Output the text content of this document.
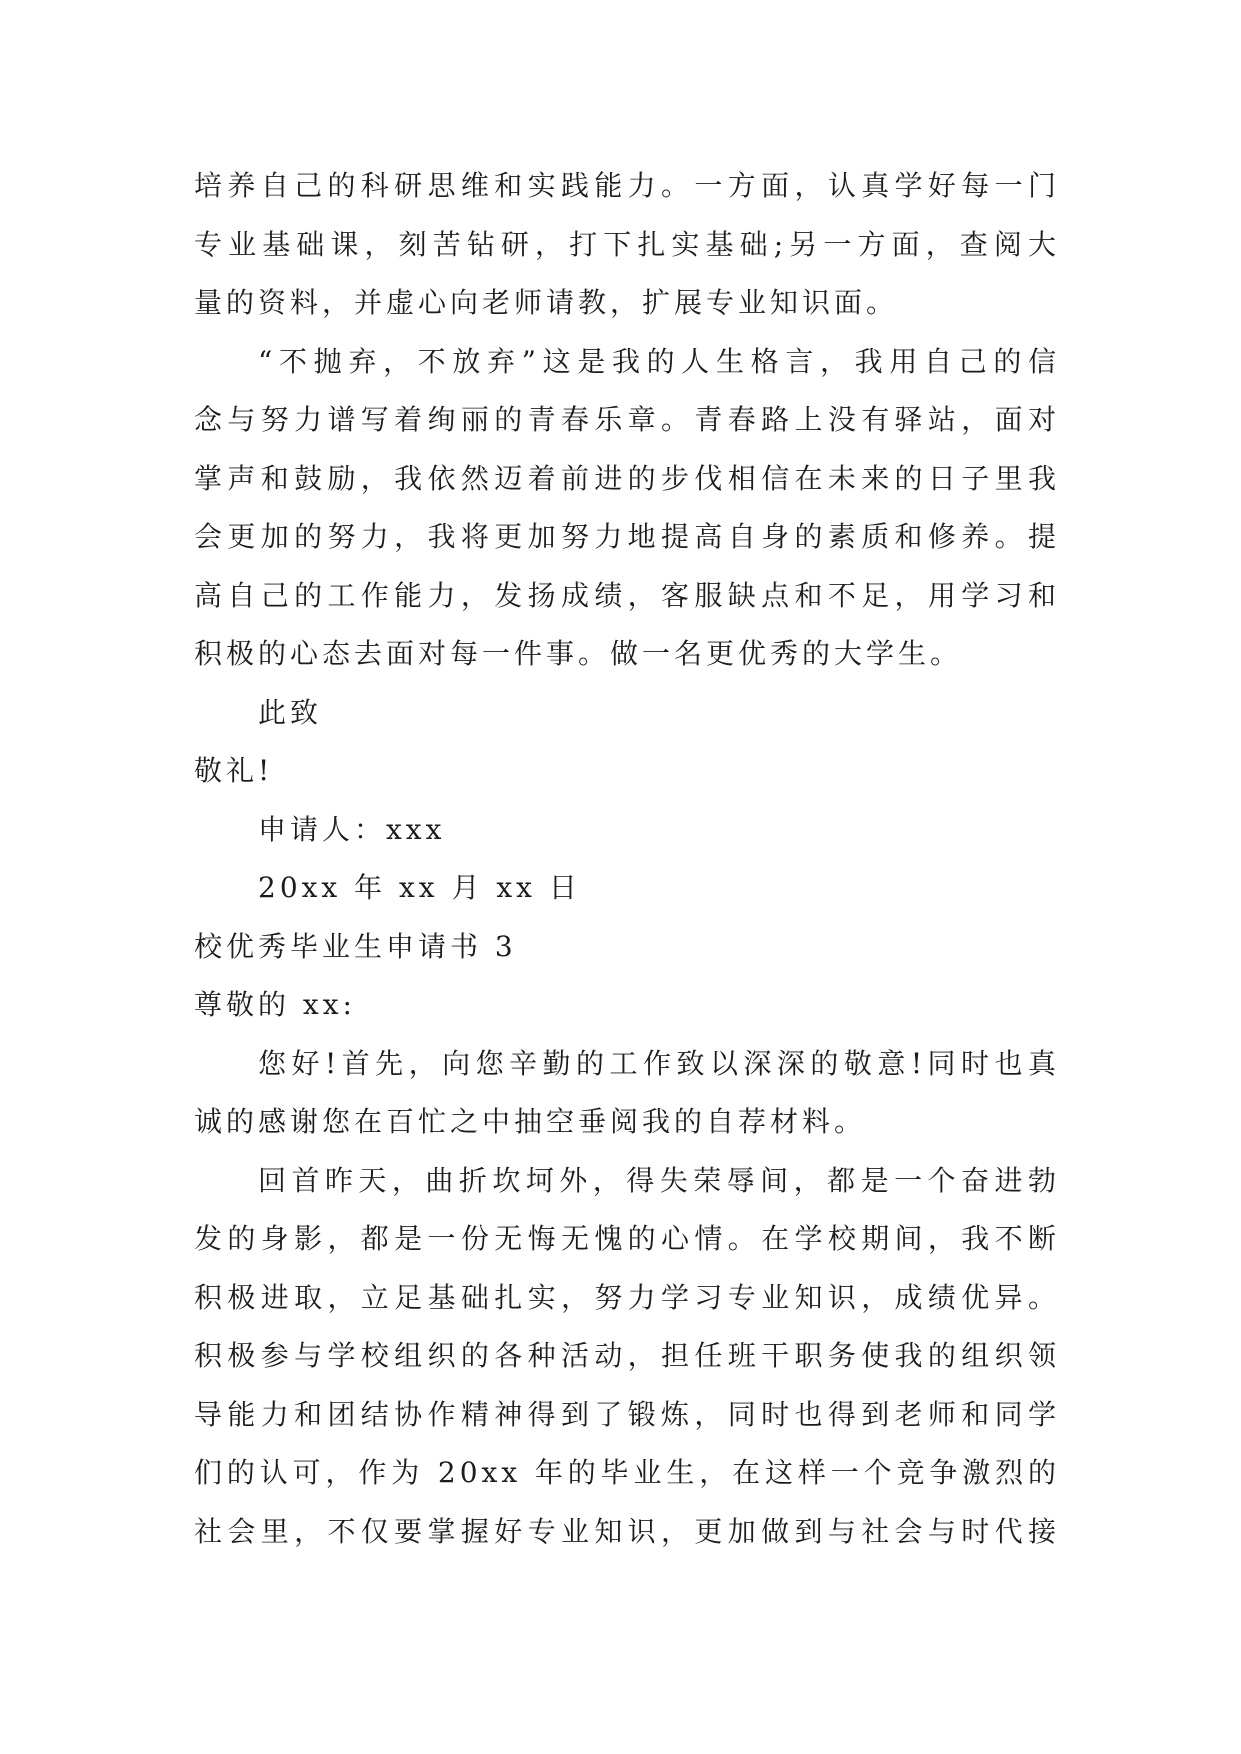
培养自己的科研思维和实践能力。一方面，认真学好每一门
专业基础课，刻苦钻研，打下扎实基础;另一方面，查阅大
量的资料，并虚心向老师请教，扩展专业知识面。
“不抛弃，不放弃”这是我的人生格言，我用自己的信
念与努力谱写着绚丽的青春乐章。青春路上没有驿站，面对
掌声和鼓励，我依然迈着前进的步伐相信在未来的日子里我
会更加的努力，我将更加努力地提高自身的素质和修养。提
高自己的工作能力，发扬成绩，客服缺点和不足，用学习和
积极的心态去面对每一件事。做一名更优秀的大学生。
此致
敬礼!
申请人：xxx
20xx 年 xx 月 xx 日
校优秀毕业生申请书 3
尊敬的 xx:
您好!首先，向您辛勤的工作致以深深的敬意!同时也真
诚的感谢您在百忙之中抽空垂阅我的自荐材料。
回首昨天，曲折坎坷外，得失荣辱间，都是一个奋进勃
发的身影，都是一份无悔无愧的心情。在学校期间，我不断
积极进取，立足基础扎实，努力学习专业知识，成绩优异。
积极参与学校组织的各种活动，担任班干职务使我的组织领
导能力和团结协作精神得到了锻炼，同时也得到老师和同学
们的认可，作为 20xx 年的毕业生，在这样一个竞争激烈的
社会里，不仅要掌握好专业知识，更加做到与社会与时代接
